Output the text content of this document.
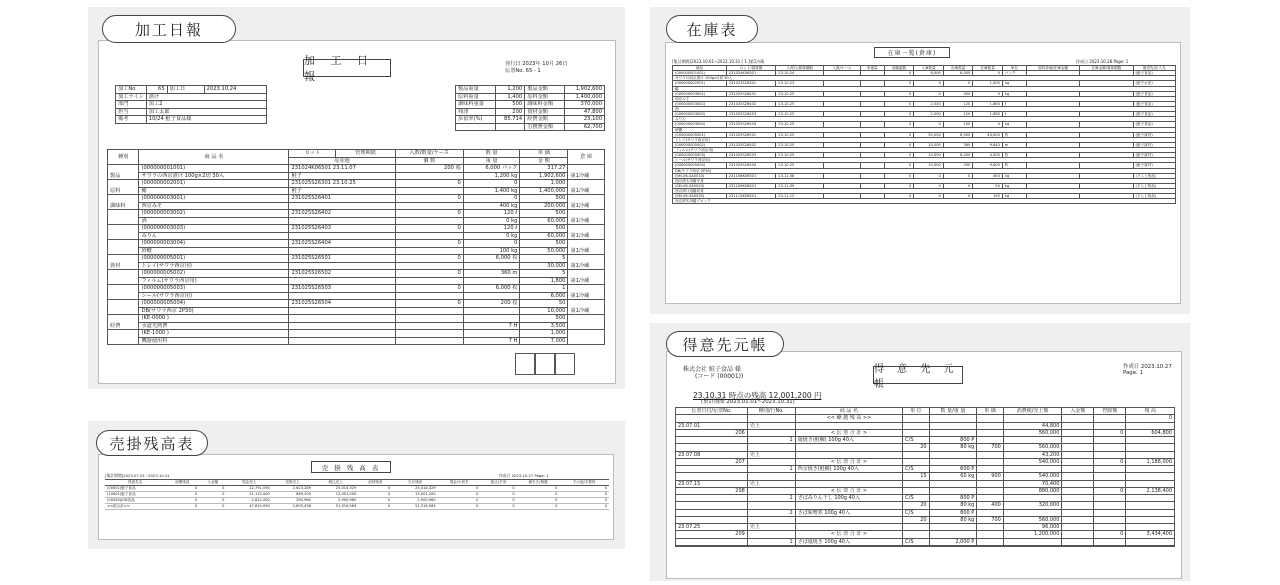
加 工 日 報
発行日 2023年 10月 26日
伝票No. 65 - 1
加工No	65	加工日	2023.10.24
加工ライン	漬け		
部門	加工2		
担当	加工太郎		
備考	10/24 鮭子食品様		
製品重量	1,200	製品金額	1,902,600
原料重量	1,400	原料金額	1,400,000
調味料重量	500	調味料金額	370,000
残津	200	資材金額	47,800
歩留率(%)	85.714	経費金額	23,100
		労務費金額	62,700
種別	商 品 名	ロット	管理期限	入数/数量/ケース	数 量	単 価	倉 庫
		原産地		個 数	重 量	金 額	
製品	(000000001001)	231024K06501 23.11.07		200 箱	6,000 パック	317.27	第1冷蔵
	サワラの西京漬け 100g×2切 30入	鮭子			1,200 kg	1,902,600	
原料	(000000002001)	231025S26301 23.10.25		0	0	1,000	第1冷蔵
	鰆	鮭子			1,400 kg	1,400,000	
調味料	(000000003001)	231025S26401		0	0	500	第1冷蔵
	西京みそ				400 kg	200,000	
	(000000003002)	231025S26402		0	120 ℓ	500	第1冷蔵
	酒				0 kg	60,000	
	(000000003003)	231025S26403		0	120 ℓ	500	第1冷蔵
	みりん				0 kg	60,000	
	(000000003004)	231025S26404		0	0	500	第1冷蔵
	砂糖				100 kg	50,000	
資材	(000000005001)	231025S26501		0	6,000 枚	5	第1冷蔵
	トレイ(サワラ西京用)					30,000	
	(000000005002)	231025S26502		0	360 m	5	第1冷蔵
	フィルム(サワラ西京用)					1,800	
	(000000005003)	231025S26503		0	6,000 枚	1	第1冷蔵
	シール(サワラ西京用)					6,000	
	(000000005004)	231025S26504		0	200 枚	50	第1冷蔵
	DB(サワラ西京 2P30)					10,000	
経費	(KE-0000 )					500	
	水道光熱費				7 H	3,500	
	(KE-1000 )					1,000	
	機器使用料				7 H	7,000	
加工日報
在庫一覧(倉庫)
[集計期間]2023.10.01~2023.10.31 [ 1 ]第1冷蔵	作成日 2023.10.28 Page: 1
商品	ロット/賞味期	入荷日/賞味期限	入数/ケース	単重量	前繰越数	入庫数量	出庫数量	在庫数量	単位	原料単価/在庫金額	在庫金額/賞味期限	販売先/仕入先
(000000001001)	231024K06501	23.10.24			0	6,000	6,000	0	パック			(鮭子食品)
サワラの西京漬け 100g×2切 30入												
(000000002001)	231023S26301	23.10.23			0	0	0	1,000	kg			(鮭子水産)
鰆												
(000000003001)	231025S26401	23.10.25			0	0	400	0	kg			(鮭子食品)
西京みそ												
(000000003002)	231025S26402	23.10.25			0	2,000	120	1,880	ℓ			(鮭子食品)
酒												
(000000003003)	231025S26403	23.10.25			0	2,000	120	1,880	ℓ			(鮭子食品)
みりん												
(000000003004)	231025S26404	23.10.25			0	0	100	0	kg			(鮭子食品)
砂糖												
(000000005001)	231025S26501	23.10.25			0	50,000	6,000	44,000	枚			(鮭子資材)
トレイ(サワラ西京用)												
(000000005002)	231025S26502	23.10.25			0	10,000	360	9,640	m			(鮭子資材)
フィルム(サワラ西京用)												
(000000005003)	231025S26503	23.10.25			0	10,000	6,000	4,000	枚			(鮭子資材)
シール(サワラ西京用)												
(000000005004)	231025S26504	23.10.25			0	10,000	200	9,800	枚			(鮭子資材)
DB(サワラ西京 2P30)												
(SM-06-SA0010)	231108K06501	23.11.08			0	0	0	463	kg			(そら上物品)
西京漬木用鰆半身												
(SM-06-SA0020)	231109K06501	23.11.09			0	0	0	50	kg			(そら上物品)
西京漬け用鰆切身												
(SM-06-SA0030)	231112K06501	23.11.12			0	0	0	195	kg			(そら上物品)
西京漬木用鰆ブロック												
在庫表
売 掛 残 高 表
[集計期間]2023.07.01~2023.10.31	作成日 2023.10.27 Page: 1
得意先名	前期残高	入金額	現金売上	売掛売上	税込売上	前回残高	当月残高	現金/小切手	振込/手形	値引き/相殺	その他/手数料
(00001)鮭子食品	0	0	22,791,090	2,623,289	25,414,329	0	25,414,329	0	0	0	0
(10001)鮭子食品	0	0	11,112,000	889,200	12,001,200	0	12,001,200	0	0	0	0
(00050)JOB食品	0	0	2,812,000	290,960	2,900,960	0	2,900,960	0	0	0	0
<<総合計>>	0	0	47,815,090	2,805,458	51,316,584	0	51,316,584	0	0	0	0
売掛残高表
株式会社 鮭子食品 様
(コード (00001))
得 意 先 元 帳
作成日 2023.10.27
Page: 1
23.10.31 時点の残高 12,001,200 円
(集計期間 2023.01.01~2023.10.31)
伝票日付/伝票No.	種別/行No.	商 品 名	単 位	数 量/重 量	単 価	消費税/売上額	入金額	控除額	残 高
		<< 繰 越 残 高 >>							0
23.07.01	売上					44,800			
206		< 伝 票 合 計 >				560,000		0	604,800
	1	塩焼き(鮭鯛) 100g 40入	C/S	800 P					
			20	80 kg	700	560,000			
23.07.08	売上					43,200			
207		< 伝 票 合 計 >				540,000		0	1,188,000
	1	西京焼き(鮭鯛) 100g 40入	C/S	600 P					
			15	60 kg	900	540,000			
23.07.15	売上					70,400			
208		< 伝 票 合 計 >				880,000		0	2,138,400
	1	さばみりん干し 100g 40入	C/S	800 P					
			20	80 kg	400	320,000			
	2	さば味噌煮 100g 40入	C/S	800 P					
			20	80 kg	700	560,000			
23.07.25	売上					96,000			
209		< 伝 票 合 計 >				1,200,000		0	3,434,400
	1	さば塩焼き 100g 40入	C/S	2,000 P					

得意先元帳
